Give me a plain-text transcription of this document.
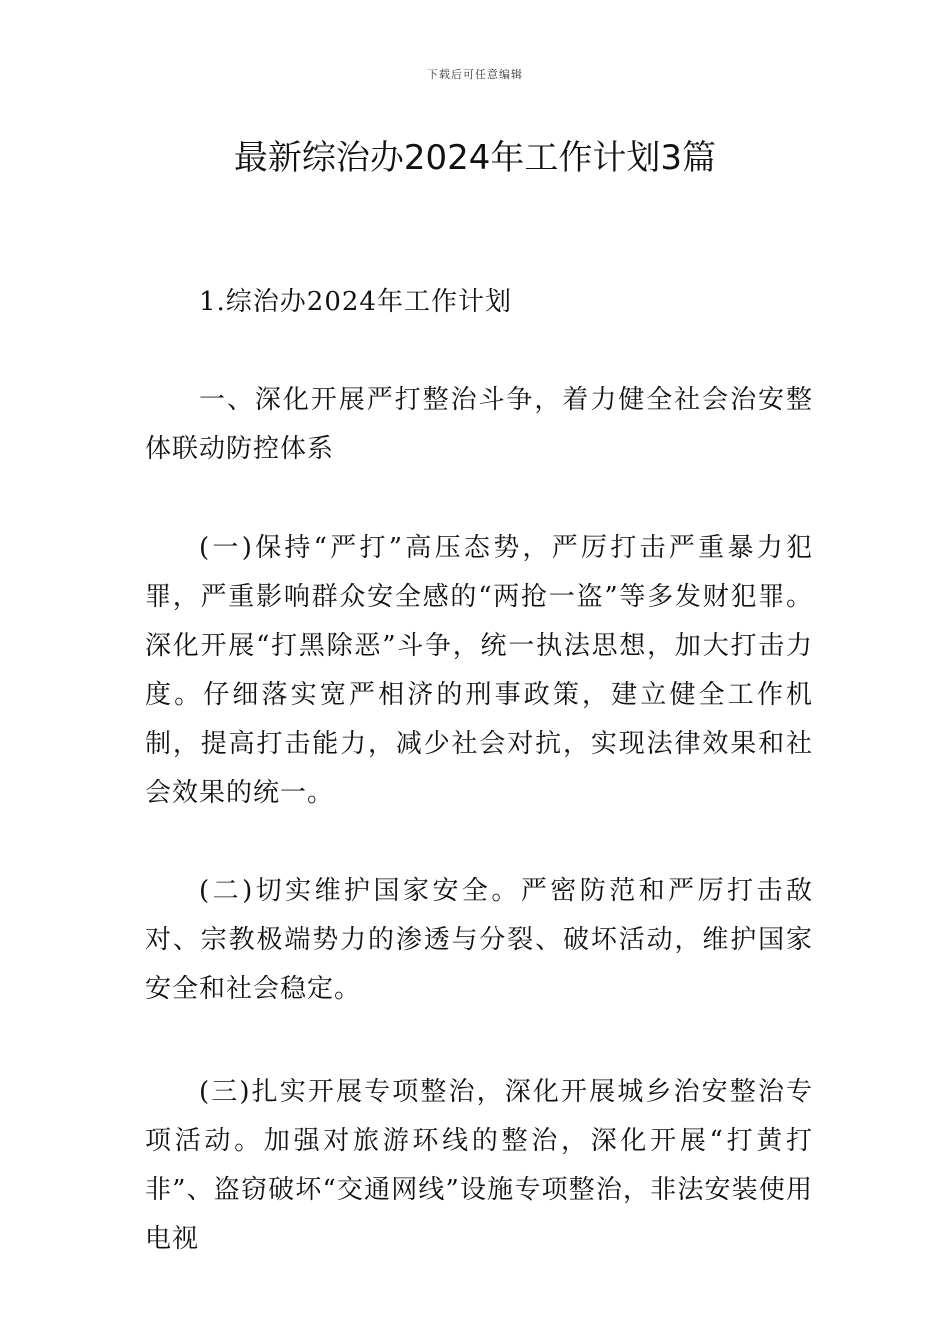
下载后可任意编辑
最新综治办2024年工作计划3篇

1.综治办2024年工作计划

一、深化开展严打整治斗争，着力健全社会治安整体联动防控体系

(一)保持“严打”高压态势，严厉打击严重暴力犯罪，严重影响群众安全感的“两抢一盗”等多发财犯罪。深化开展“打黑除恶”斗争，统一执法思想，加大打击力度。仔细落实宽严相济的刑事政策，建立健全工作机制，提高打击能力，减少社会对抗，实现法律效果和社会效果的统一。

(二)切实维护国家安全。严密防范和严厉打击敌对、宗教极端势力的渗透与分裂、破坏活动，维护国家安全和社会稳定。

(三)扎实开展专项整治，深化开展城乡治安整治专项活动。加强对旅游环线的整治，深化开展“打黄打非”、盗窃破坏“交通网线”设施专项整治，非法安装使用电视
